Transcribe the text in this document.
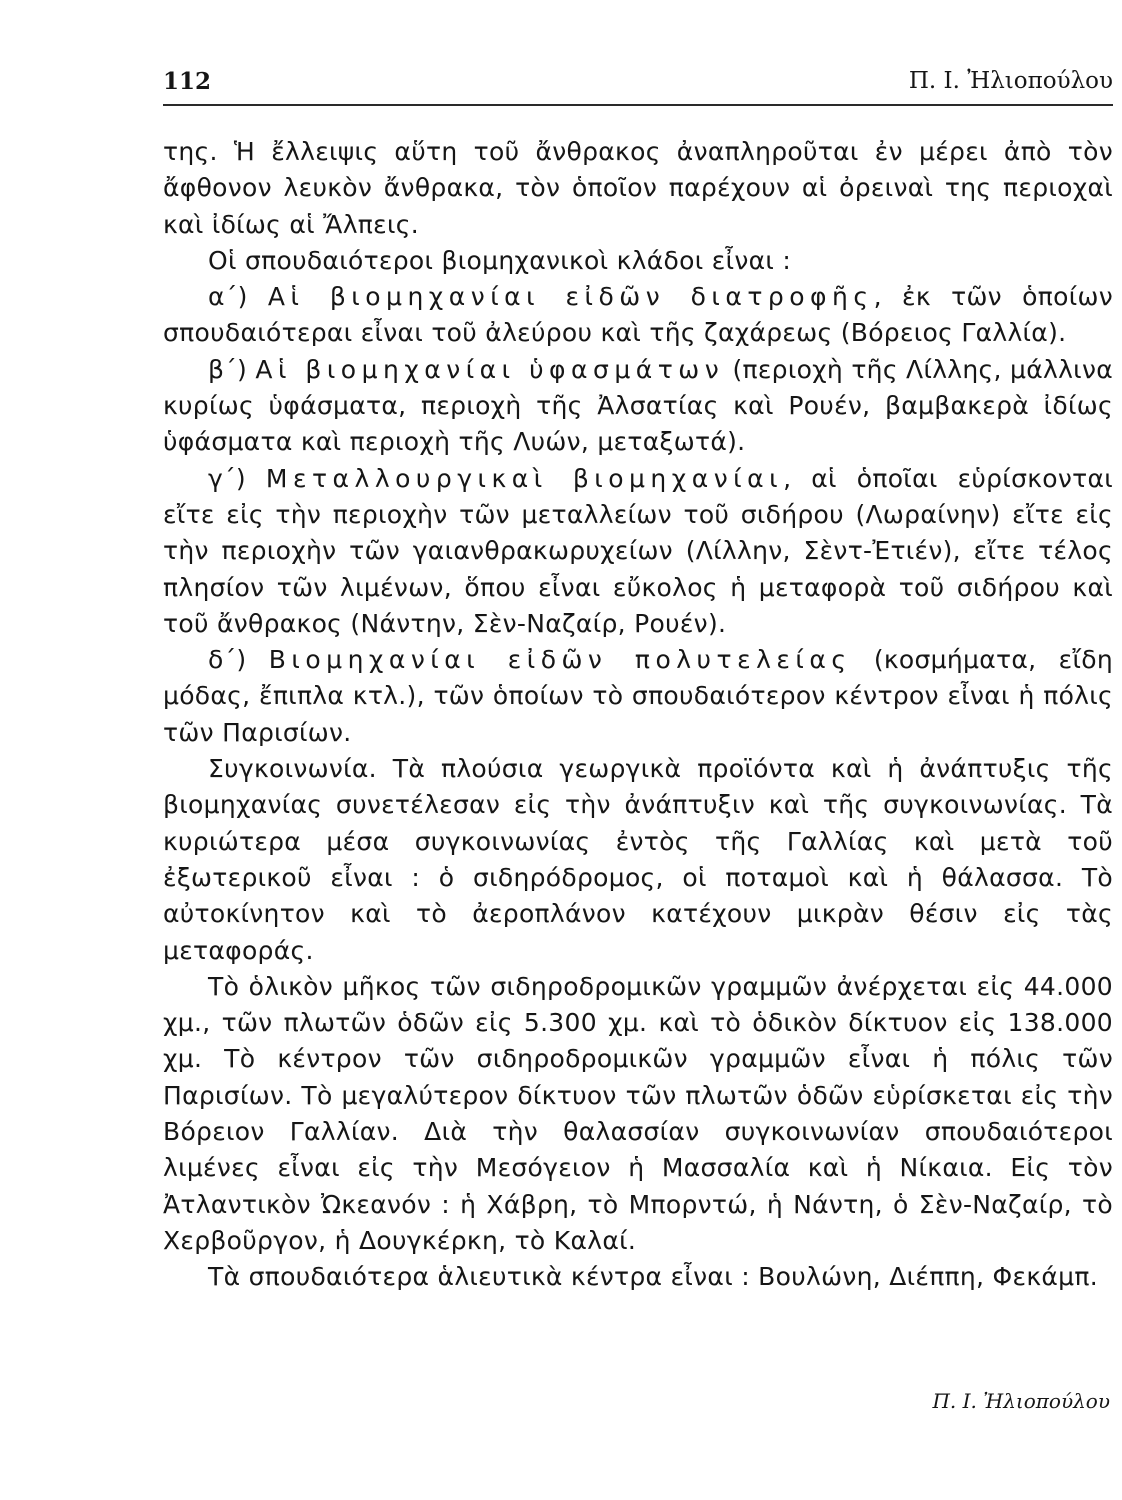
112	Π. Ι. Ἠλιοπούλου

της. Ἡ ἔλλειψις αὕτη τοῦ ἄνθρακος ἀναπληροῦται ἐν μέρει ἀπὸ τὸν ἄφθονον λευκὸν ἄνθρακα, τὸν ὁποῖον παρέχουν αἱ ὀρειναὶ της περιοχαὶ καὶ ἰδίως αἱ Ἄλπεις.

Οἱ σπουδαιότεροι βιομηχανικοὶ κλάδοι εἶναι :

α΄) Αἱ βιομηχανίαι εἰδῶν διατροφῆς, ἐκ τῶν ὁποίων σπουδαιότεραι εἶναι τοῦ ἀλεύρου καὶ τῆς ζαχάρεως (Βόρειος Γαλλία).

β΄) Αἱ βιομηχανίαι ὑφασμάτων (περιοχὴ τῆς Λίλλης, μάλλινα κυρίως ὑφάσματα, περιοχὴ τῆς Ἀλσατίας καὶ Ρουέν, βαμβακερὰ ἰδίως ὑφάσματα καὶ περιοχὴ τῆς Λυών, μεταξωτά).

γ΄) Μεταλλουργικαὶ βιομηχανίαι, αἱ ὁποῖαι εὑρίσκονται εἴτε εἰς τὴν περιοχὴν τῶν μεταλλείων τοῦ σιδήρου (Λωραίνην) εἴτε εἰς τὴν περιοχὴν τῶν γαιανθρακωρυχείων (Λίλλην, Σὲντ-Ἐτιέν), εἴτε τέλος πλησίον τῶν λιμένων, ὅπου εἶναι εὔκολος ἡ μεταφορὰ τοῦ σιδήρου καὶ τοῦ ἄνθρακος (Νάντην, Σὲν-Ναζαίρ, Ρουέν).

δ΄) Βιομηχανίαι εἰδῶν πολυτελείας (κοσμήματα, εἴδη μόδας, ἔπιπλα κτλ.), τῶν ὁποίων τὸ σπουδαιότερον κέντρον εἶναι ἡ πόλις τῶν Παρισίων.

Συγκοινωνία. Τὰ πλούσια γεωργικὰ προϊόντα καὶ ἡ ἀνάπτυξις τῆς βιομηχανίας συνετέλεσαν εἰς τὴν ἀνάπτυξιν καὶ τῆς συγκοινωνίας. Τὰ κυριώτερα μέσα συγκοινωνίας ἐντὸς τῆς Γαλλίας καὶ μετὰ τοῦ ἐξωτερικοῦ εἶναι : ὁ σιδηρόδρομος, οἱ ποταμοὶ καὶ ἡ θάλασσα. Τὸ αὐτοκίνητον καὶ τὸ ἀεροπλάνον κατέχουν μικρὰν θέσιν εἰς τὰς μεταφοράς.

Τὸ ὁλικὸν μῆκος τῶν σιδηροδρομικῶν γραμμῶν ἀνέρχεται εἰς 44.000 χμ., τῶν πλωτῶν ὁδῶν εἰς 5.300 χμ. καὶ τὸ ὁδικὸν δίκτυον εἰς 138.000 χμ. Τὸ κέντρον τῶν σιδηροδρομικῶν γραμμῶν εἶναι ἡ πόλις τῶν Παρισίων. Τὸ μεγαλύτερον δίκτυον τῶν πλωτῶν ὁδῶν εὑρίσκεται εἰς τὴν Βόρειον Γαλλίαν. Διὰ τὴν θαλασσίαν συγκοινωνίαν σπουδαιότεροι λιμένες εἶναι εἰς τὴν Μεσόγειον ἡ Μασσαλία καὶ ἡ Νίκαια. Εἰς τὸν Ἀτλαντικὸν Ὠκεανόν : ἡ Χάβρη, τὸ Μπορντώ, ἡ Νάντη, ὁ Σὲν-Ναζαίρ, τὸ Χερβοῦργον, ἡ Δουγκέρκη, τὸ Καλαί.

Τὰ σπουδαιότερα ἁλιευτικὰ κέντρα εἶναι : Βουλώνη, Διέππη, Φεκάμπ.

Π. Ι. Ἠλιοπούλου
